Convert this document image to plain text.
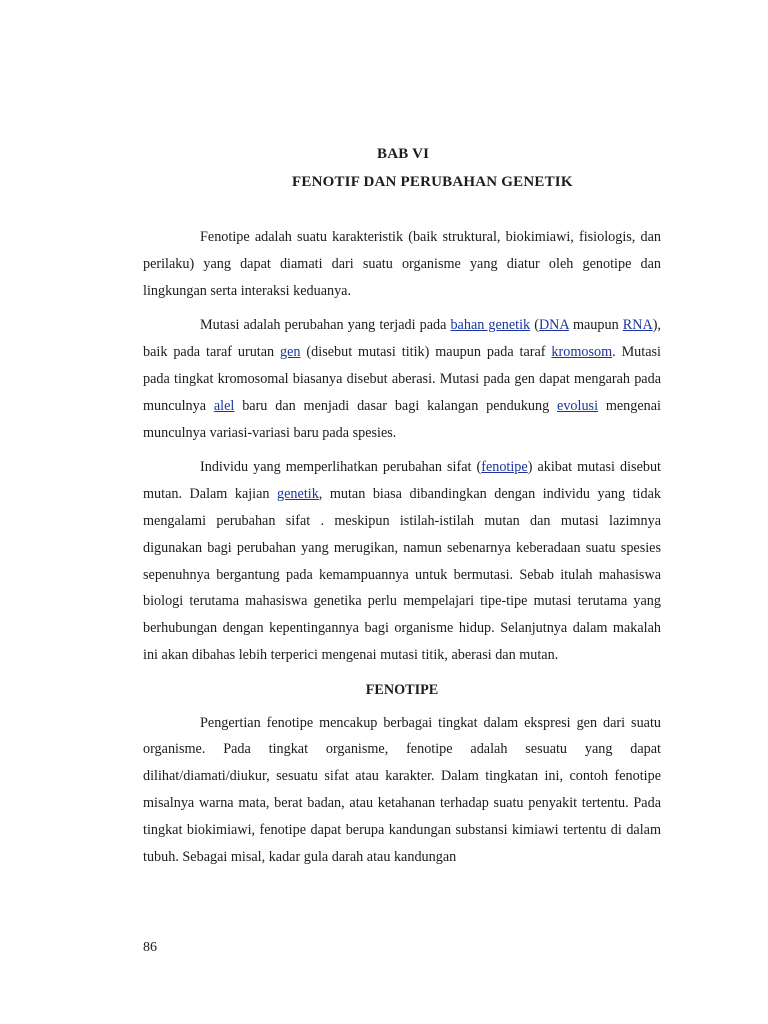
BAB VI
FENOTIF DAN PERUBAHAN GENETIK

Fenotipe adalah suatu karakteristik (baik struktural, biokimiawi, fisiologis, dan perilaku) yang dapat diamati dari suatu organisme yang diatur oleh genotipe dan lingkungan serta interaksi keduanya.

Mutasi adalah perubahan yang terjadi pada bahan genetik (DNA maupun RNA), baik pada taraf urutan gen (disebut mutasi titik) maupun pada taraf kromosom. Mutasi pada tingkat kromosomal biasanya disebut aberasi. Mutasi pada gen dapat mengarah pada munculnya alel baru dan menjadi dasar bagi kalangan pendukung evolusi mengenai munculnya variasi-variasi baru pada spesies.

Individu yang memperlihatkan perubahan sifat (fenotipe) akibat mutasi disebut mutan. Dalam kajian genetik, mutan biasa dibandingkan dengan individu yang tidak mengalami perubahan sifat . meskipun istilah-istilah mutan dan mutasi lazimnya digunakan bagi perubahan yang merugikan, namun sebenarnya keberadaan suatu spesies sepenuhnya bergantung pada kemampuannya untuk bermutasi. Sebab itulah mahasiswa biologi terutama mahasiswa genetika perlu mempelajari tipe-tipe mutasi terutama yang berhubungan dengan kepentingannya bagi organisme hidup. Selanjutnya dalam makalah ini akan dibahas lebih terperici mengenai mutasi titik, aberasi dan mutan.

FENOTIPE

Pengertian fenotipe mencakup berbagai tingkat dalam ekspresi gen dari suatu organisme. Pada tingkat organisme, fenotipe adalah sesuatu yang dapat dilihat/diamati/diukur, sesuatu sifat atau karakter. Dalam tingkatan ini, contoh fenotipe misalnya warna mata, berat badan, atau ketahanan terhadap suatu penyakit tertentu. Pada tingkat biokimiawi, fenotipe dapat berupa kandungan substansi kimiawi tertentu di dalam tubuh. Sebagai misal, kadar gula darah atau kandungan

86
